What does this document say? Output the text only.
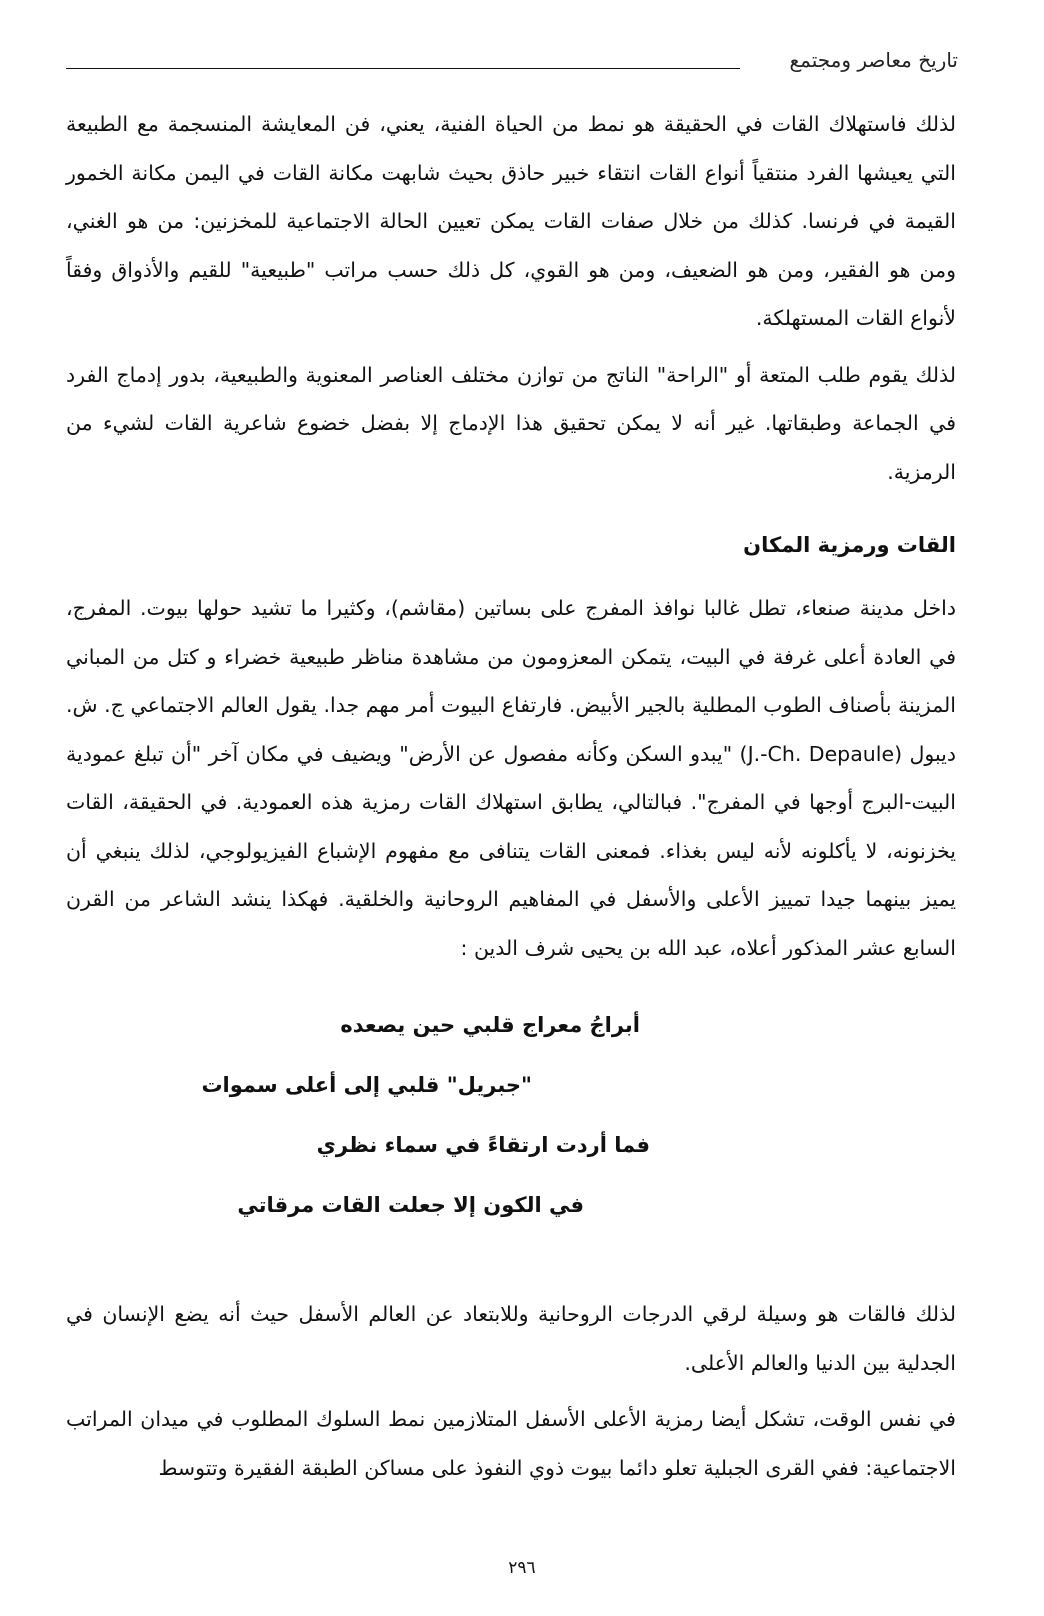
تاريخ معاصر ومجتمع

لذلك فاستهلاك القات في الحقيقة هو نمط من الحياة الفنية، يعني، فن المعايشة المنسجمة مع الطبيعة التي يعيشها الفرد منتقياً أنواع القات انتقاء خبير حاذق بحيث شابهت مكانة القات في اليمن مكانة الخمور القيمة في فرنسا. كذلك من خلال صفات القات يمكن تعيين الحالة الاجتماعية للمخزنين: من هو الغني، ومن هو الفقير، ومن هو الضعيف، ومن هو القوي، كل ذلك حسب مراتب "طبيعية" للقيم والأذواق وفقاً لأنواع القات المستهلكة.

لذلك يقوم طلب المتعة أو "الراحة" الناتج من توازن مختلف العناصر المعنوية والطبيعية، بدور إدماج الفرد في الجماعة وطبقاتها. غير أنه لا يمكن تحقيق هذا الإدماج إلا بفضل خضوع شاعرية القات لشيء من الرمزية.

القات ورمزية المكان

داخل مدينة صنعاء، تطل غالبا نوافذ المفرج على بساتين (مقاشم)، وكثيرا ما تشيد حولها بيوت. المفرج، في العادة أعلى غرفة في البيت، يتمكن المعزومون من مشاهدة مناظر طبيعية خضراء و كتل من المباني المزينة بأصناف الطوب المطلية بالجير الأبيض. فارتفاع البيوت أمر مهم جدا. يقول العالم الاجتماعي ج. ش. ديبول (J.-Ch. Depaule) "يبدو السكن وكأنه مفصول عن الأرض" ويضيف في مكان آخر "أن تبلغ عمودية البيت-البرج أوجها في المفرج". فبالتالي، يطابق استهلاك القات رمزية هذه العمودية. في الحقيقة، القات يخزنونه، لا يأكلونه لأنه ليس بغذاء. فمعنى القات يتنافى مع مفهوم الإشباع الفيزيولوجي، لذلك ينبغي أن يميز بينهما جيدا تمييز الأعلى والأسفل في المفاهيم الروحانية والخلقية. فهكذا ينشد الشاعر من القرن السابع عشر المذكور أعلاه، عبد الله بن يحيى شرف الدين :

أبراجُ معراج قلبي حين يصعده
"جبريل" قلبي إلى أعلى سموات
فما أردت ارتقاءً في سماء نظري
في الكون إلا جعلت القات مرقاتي

لذلك فالقات هو وسيلة لرقي الدرجات الروحانية وللابتعاد عن العالم الأسفل حيث أنه يضع الإنسان في الجدلية بين الدنيا والعالم الأعلى.

في نفس الوقت، تشكل أيضا رمزية الأعلى الأسفل المتلازمين نمط السلوك المطلوب في ميدان المراتب الاجتماعية: ففي القرى الجبلية تعلو دائما بيوت ذوي النفوذ على مساكن الطبقة الفقيرة وتتوسط

٢٩٦
